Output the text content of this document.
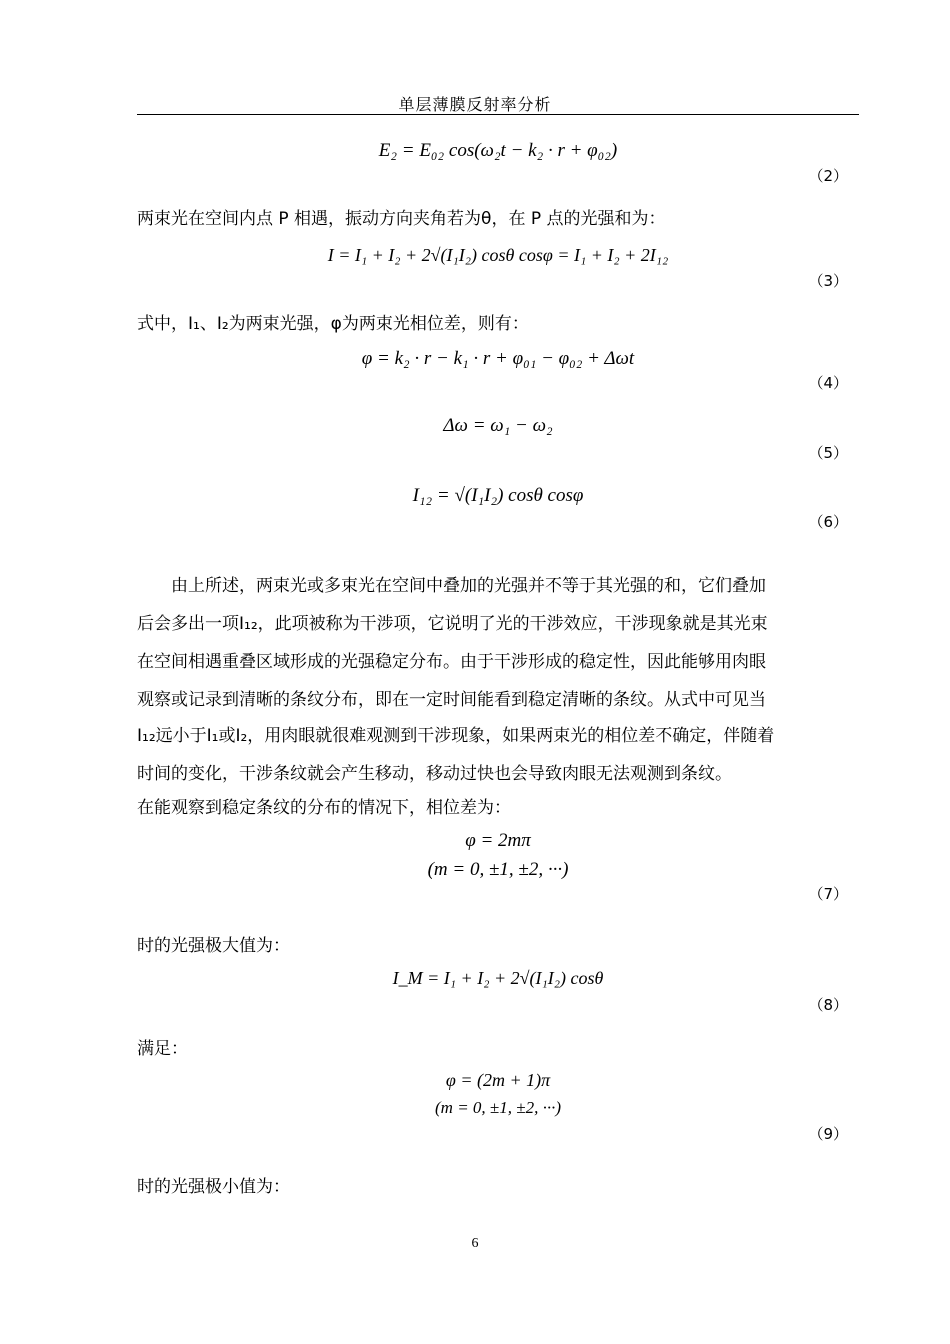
单层薄膜反射率分析
E₂ = E₀₂ cos(ω₂t − k₂ · r + φ₀₂)
（2）
两束光在空间内点 P 相遇，振动方向夹角若为θ，在 P 点的光强和为：
I = I₁ + I₂ + 2√(I₁I₂) cosθ cosφ = I₁ + I₂ + 2I₁₂
（3）
式中，I₁、I₂为两束光强，φ为两束光相位差，则有：
φ = k₂ · r − k₁ · r + φ₀₁ − φ₀₂ + Δωt
（4）
Δω = ω₁ − ω₂
（5）
I₁₂ = √(I₁I₂) cosθ cosφ
（6）
由上所述，两束光或多束光在空间中叠加的光强并不等于其光强的和，它们叠加
后会多出一项I₁₂，此项被称为干涉项，它说明了光的干涉效应，干涉现象就是其光束
在空间相遇重叠区域形成的光强稳定分布。由于干涉形成的稳定性，因此能够用肉眼
观察或记录到清晰的条纹分布，即在一定时间能看到稳定清晰的条纹。从式中可见当
I₁₂远小于I₁或I₂，用肉眼就很难观测到干涉现象，如果两束光的相位差不确定，伴随着
时间的变化，干涉条纹就会产生移动，移动过快也会导致肉眼无法观测到条纹。
在能观察到稳定条纹的分布的情况下，相位差为：
φ = 2mπ
(m = 0, ±1, ±2, ···)
（7）
时的光强极大值为：
I_M = I₁ + I₂ + 2√(I₁I₂) cosθ
（8）
满足：
φ = (2m + 1)π
(m = 0, ±1, ±2, ···)
（9）
时的光强极小值为：
6
